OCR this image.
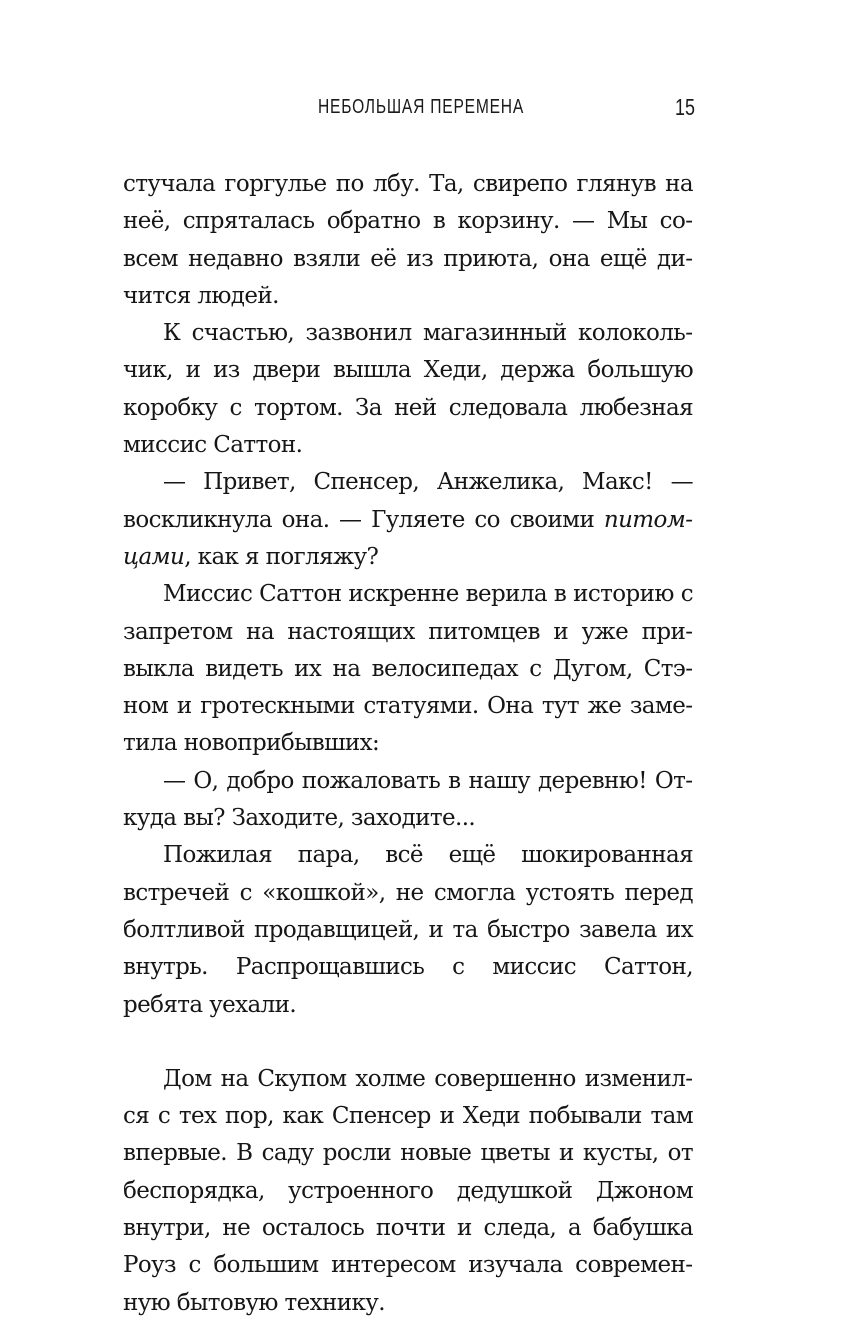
НЕБОЛЬШАЯ ПЕРЕМЕНА	15

стучала горгулье по лбу. Та, свирепо глянув на неё, спряталась обратно в корзину. — Мы совсем недавно взяли её из приюта, она ещё дичится людей.

К счастью, зазвонил магазинный колокольчик, и из двери вышла Хеди, держа большую коробку с тортом. За ней следовала любезная миссис Саттон.

— Привет, Спенсер, Анжелика, Макс! — воскликнула она. — Гуляете со своими питомцами, как я погляжу?

Миссис Саттон искренне верила в историю с запретом на настоящих питомцев и уже привыкла видеть их на велосипедах с Дугом, Стэном и гротескными статуями. Она тут же заметила новоприбывших:

— О, добро пожаловать в нашу деревню! Откуда вы? Заходите, заходите...

Пожилая пара, всё ещё шокированная встречей с «кошкой», не смогла устоять перед болтливой продавщицей, и та быстро завела их внутрь. Распрощавшись с миссис Саттон, ребята уехали.

Дом на Скупом холме совершенно изменился с тех пор, как Спенсер и Хеди побывали там впервые. В саду росли новые цветы и кусты, от беспорядка, устроенного дедушкой Джоном внутри, не осталось почти и следа, а бабушка Роуз с большим интересом изучала современную бытовую технику.
